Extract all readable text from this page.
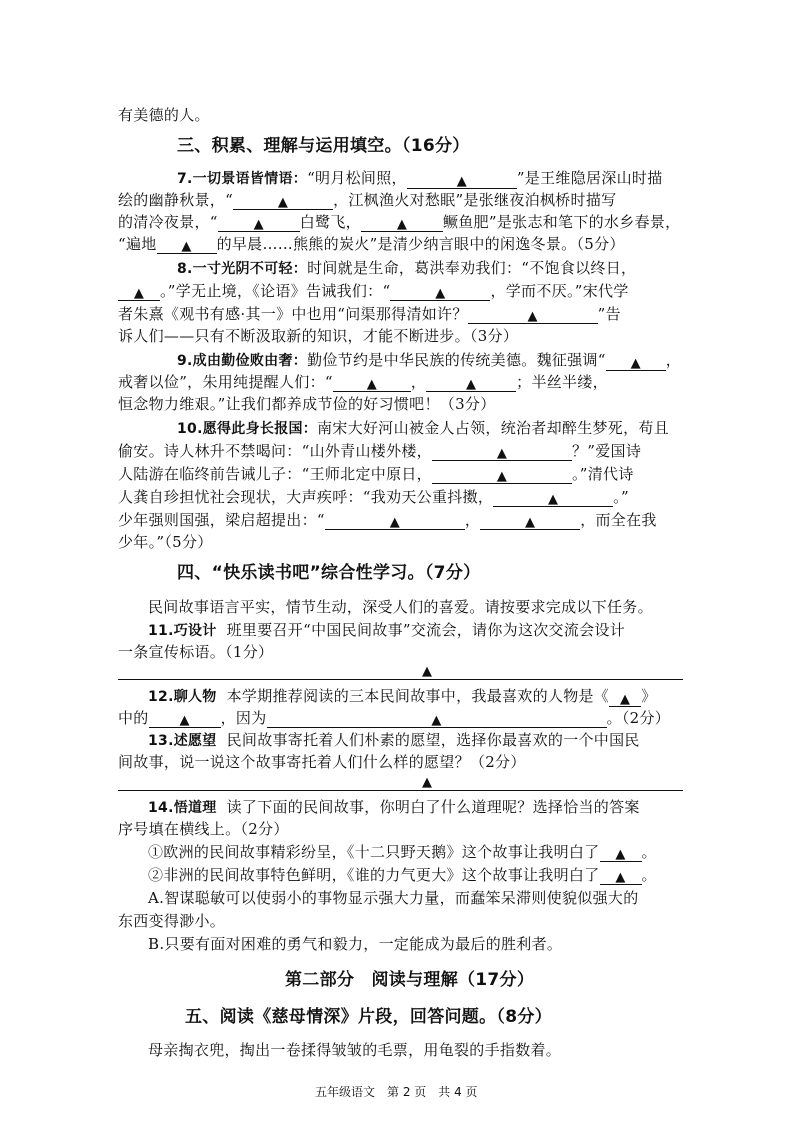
有美德的人。
三、积累、理解与运用填空。（16分）
7.一切景语皆情语：“明月松间照，	▲	”是王维隐居深山时描
绘的幽静秋景，“	▲	，江枫渔火对愁眠”是张继夜泊枫桥时描写
的清冷夜景，“	▲ 白鹭飞，	▲ 鳜鱼肥”是张志和笔下的水乡春景，
“遍地 ▲ 的早晨……熊熊的炭火”是清少纳言眼中的闲逸冬景。（5分）
8.一寸光阴不可轻：时间就是生命，葛洪奉劝我们：“不饱食以终日，
▲ 。”学无止境，《论语》告诫我们：“	▲	，学而不厌。”宋代学
者朱熹《观书有感·其一》中也用“问渠那得清如许？	▲	”告
诉人们——只有不断汲取新的知识，才能不断进步。（3分）
9.成由勤俭败由奢：勤俭节约是中华民族的传统美德。魏征强调“ ▲ ，
戒奢以俭”，朱用纯提醒人们：“	▲ ，	▲	；半丝半缕，
恒念物力维艰。”让我们都养成节俭的好习惯吧！（3分）
10.愿得此身长报国：南宋大好河山被金人占领，统治者却醉生梦死，苟且
偷安。诗人林升不禁喝问：“山外青山楼外楼，	▲	？”爱国诗
人陆游在临终前告诫儿子：“王师北定中原日，	▲	。”清代诗
人龚自珍担忧社会现状，大声疾呼：“我劝天公重抖擞，	▲	。”
少年强则国强，梁启超提出：“	▲	，	▲	，而全在我
少年。”（5分）
四、“快乐读书吧”综合性学习。（7分）
民间故事语言平实，情节生动，深受人们的喜爱。请按要求完成以下任务。
11.巧设计 班里要召开“中国民间故事”交流会，请你为这次交流会设计
一条宣传标语。（1分）
▲
12.聊人物 本学期推荐阅读的三本民间故事中，我最喜欢的人物是《 ▲ 》
中的 ▲ ，因为	▲	。（2分）
13.述愿望 民间故事寄托着人们朴素的愿望，选择你最喜欢的一个中国民
间故事，说一说这个故事寄托着人们什么样的愿望？（2分）
▲
14.悟道理 读了下面的民间故事，你明白了什么道理呢？选择恰当的答案
序号填在横线上。（2分）
①欧洲的民间故事精彩纷呈，《十二只野天鹅》这个故事让我明白了 ▲ 。
②非洲的民间故事特色鲜明，《谁的力气更大》这个故事让我明白了 ▲ 。
A.智谋聪敏可以使弱小的事物显示强大力量，而蠢笨呆滞则使貌似强大的
东西变得渺小。
B.只要有面对困难的勇气和毅力，一定能成为最后的胜利者。
第二部分　阅读与理解（17分）
五、阅读《慈母情深》片段，回答问题。（8分）
母亲掏衣兜，掏出一卷揉得皱皱的毛票，用龟裂的手指数着。
五年级语文　第 2 页　共 4 页
